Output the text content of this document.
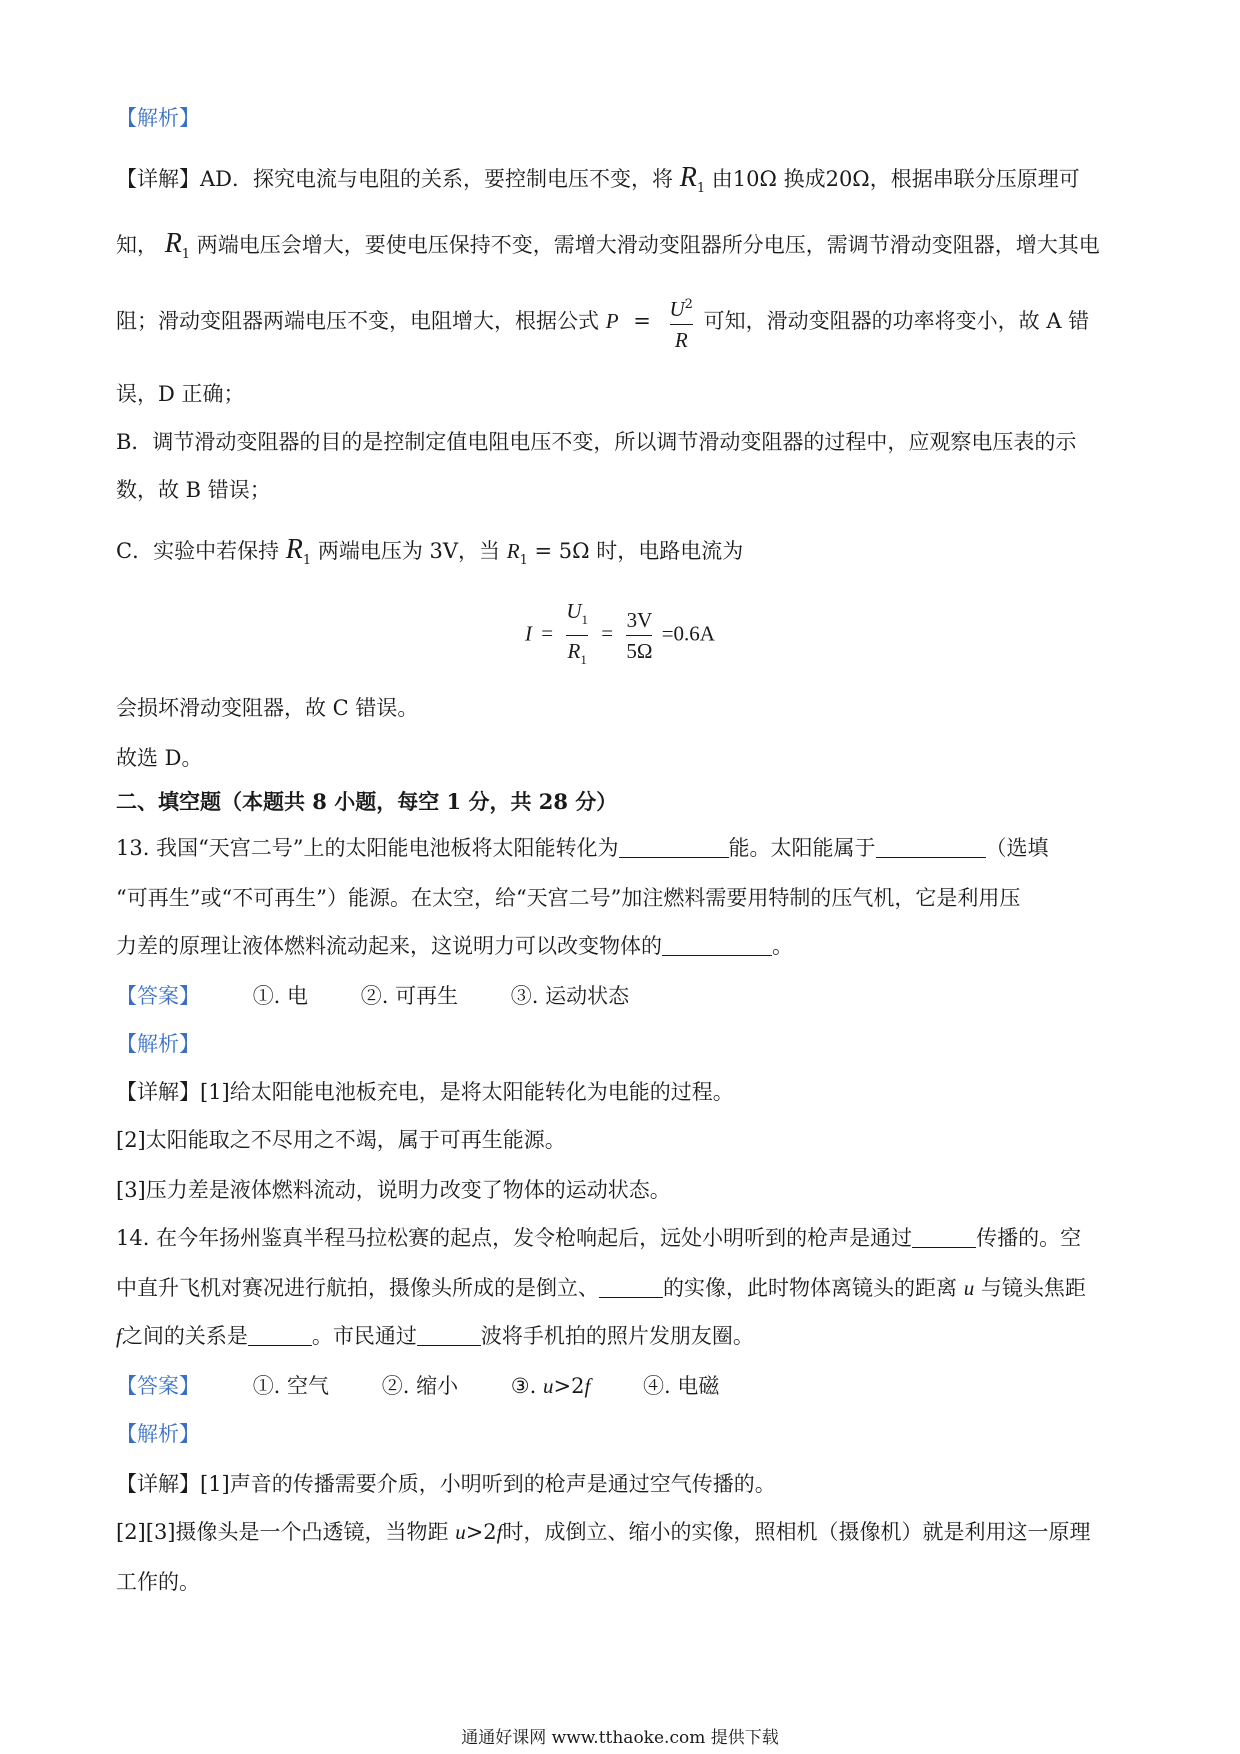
【解析】
【详解】AD．探究电流与电阻的关系，要控制电压不变，将 $R_1$ 由10Ω 换成20Ω，根据串联分压原理可
知， $R_1$ 两端电压会增大，要使电压保持不变，需增大滑动变阻器所分电压，需调节滑动变阻器，增大其电
阻；滑动变阻器两端电压不变，电阻增大，根据公式 $P = \frac{U^2}{R}$ 可知，滑动变阻器的功率将变小，故 A 错
误，D 正确；
B．调节滑动变阻器的目的是控制定值电阻电压不变，所以调节滑动变阻器的过程中，应观察电压表的示
数，故 B 错误；
C．实验中若保持 $R_1$ 两端电压为 3V，当 $R_1 = 5\Omega$ 时，电路电流为
$I = \frac{U_1}{R_1} = \frac{3V}{5\Omega} =0.6A$
会损坏滑动变阻器，故 C 错误。
故选 D。
二、填空题（本题共 8 小题，每空 1 分，共 28 分）
13. 我国“天宫二号”上的太阳能电池板将太阳能转化为	能。太阳能属于	（选填
“可再生”或“不可再生”）能源。在太空，给“天宫二号”加注燃料需要用特制的压气机，它是利用压
力差的原理让液体燃料流动起来，这说明力可以改变物体的	。
【答案】	①. 电	②. 可再生	③. 运动状态
【解析】
【详解】[1]给太阳能电池板充电，是将太阳能转化为电能的过程。
[2]太阳能取之不尽用之不竭，属于可再生能源。
[3]压力差是液体燃料流动，说明力改变了物体的运动状态。
14. 在今年扬州鉴真半程马拉松赛的起点，发令枪响起后，远处小明听到的枪声是通过	传播的。空
中直升飞机对赛况进行航拍，摄像头所成的是倒立、	的实像，此时物体离镜头的距离 u 与镜头焦距
f之间的关系是	。市民通过	波将手机拍的照片发朋友圈。
【答案】	①. 空气	②. 缩小	③. u>2f	④. 电磁
【解析】
【详解】[1]声音的传播需要介质，小明听到的枪声是通过空气传播的。
[2][3]摄像头是一个凸透镜，当物距 u>2f时，成倒立、缩小的实像，照相机（摄像机）就是利用这一原理
工作的。
通通好课网 www.tthaoke.com 提供下载
